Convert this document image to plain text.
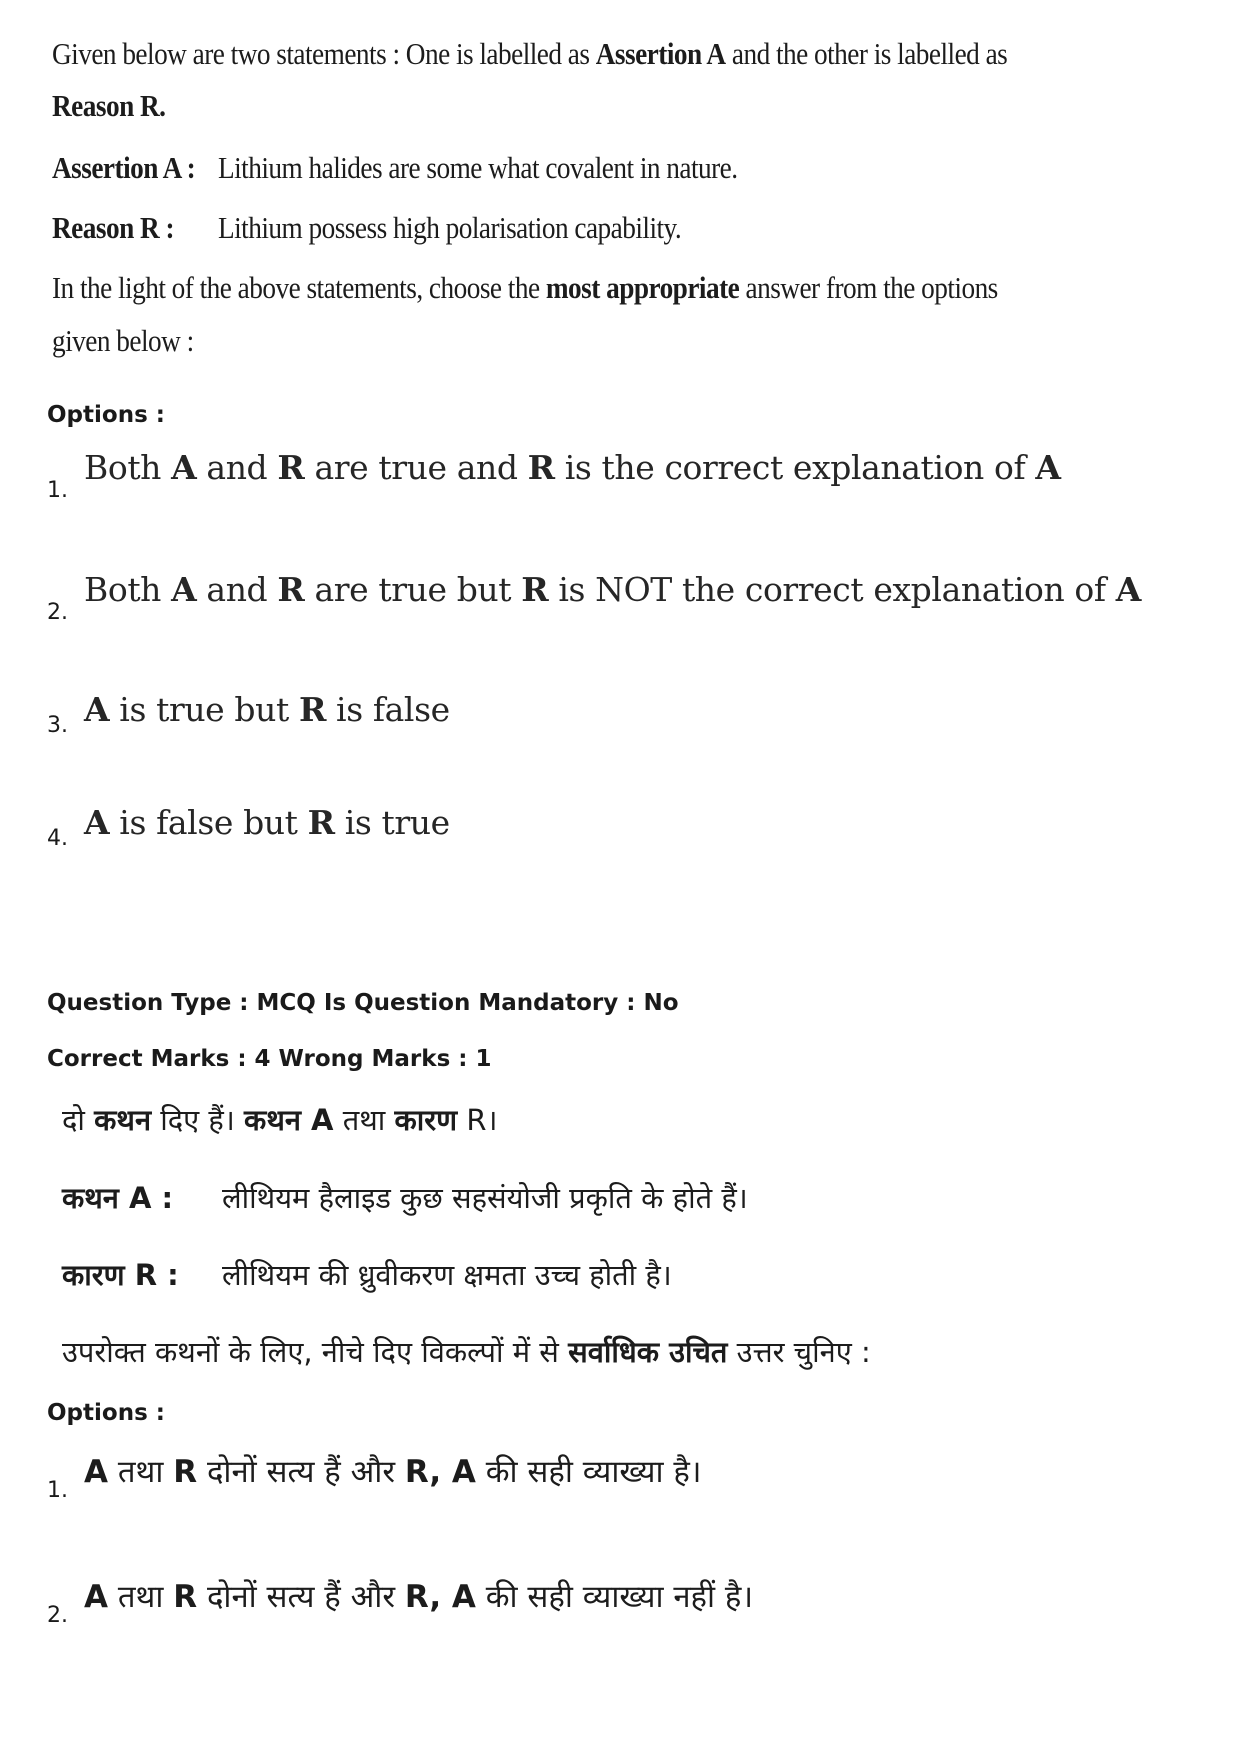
Given below are two statements : One is labelled as Assertion A and the other is labelled as
Reason R.
Assertion A : Lithium halides are some what covalent in nature.
Reason R : Lithium possess high polarisation capability.
In the light of the above statements, choose the most appropriate answer from the options
given below :
Options :
1.
Both A and R are true and R is the correct explanation of A
2.
Both A and R are true but R is NOT the correct explanation of A
3. A is true but R is false
4. A is false but R is true
Question Type : MCQ Is Question Mandatory : No
Correct Marks : 4 Wrong Marks : 1
दो कथन दिए हैं। कथन A तथा कारण R।
कथन A : लीथियम हैलाइड कुछ सहसंयोजी प्रकृति के होते हैं।
कारण R : लीथियम की ध्रुवीकरण क्षमता उच्च होती है।
उपरोक्त कथनों के लिए, नीचे दिए विकल्पों में से सर्वाधिक उचित उत्तर चुनिए :
Options :
1.
A तथा R दोनों सत्य हैं और R, A की सही व्याख्या है।
2.
A तथा R दोनों सत्य हैं और R, A की सही व्याख्या नहीं है।
